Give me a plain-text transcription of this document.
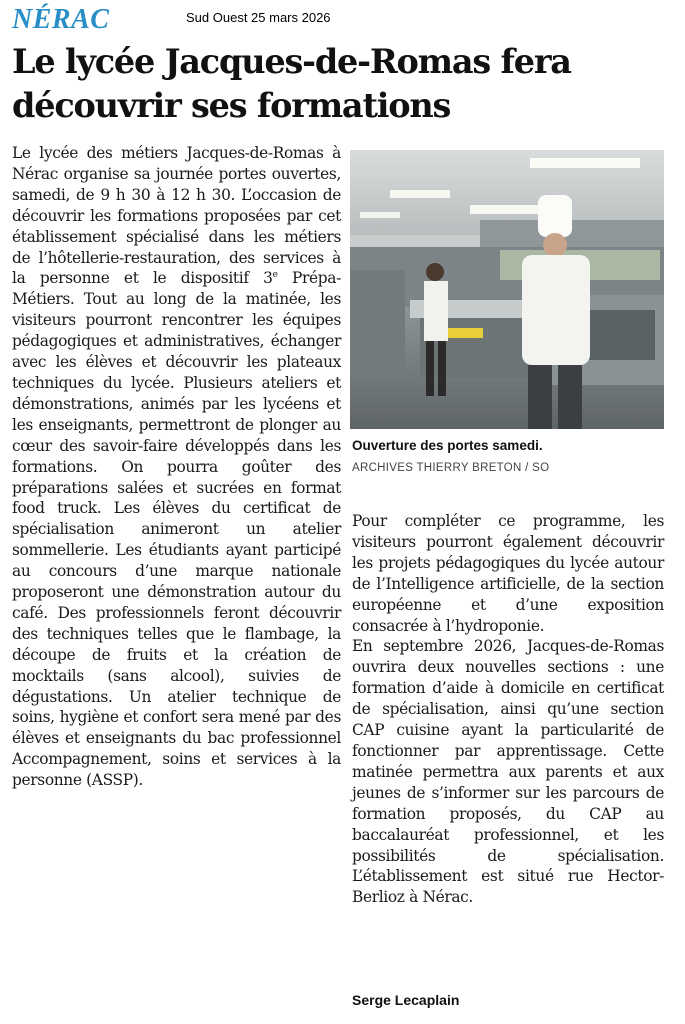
NÉRAC	Sud Ouest 25 mars 2026
Le lycée Jacques-de-Romas fera découvrir ses formations

Le lycée des métiers Jacques-de-Romas à Nérac organise sa journée portes ouvertes, samedi, de 9 h 30 à 12 h 30. L’occasion de découvrir les formations proposées par cet établissement spécialisé dans les métiers de l’hôtellerie-restauration, des services à la personne et le dispositif 3e Prépa-Métiers. Tout au long de la matinée, les visiteurs pourront rencontrer les équipes pédagogiques et administratives, échanger avec les élèves et découvrir les plateaux techniques du lycée. Plusieurs ateliers et démonstrations, animés par les lycéens et les enseignants, permettront de plonger au cœur des savoir-faire développés dans les formations. On pourra goûter des préparations salées et sucrées en format food truck. Les élèves du certificat de spécialisation animeront un atelier sommellerie. Les étudiants ayant participé au concours d’une marque nationale proposeront une démonstration autour du café. Des professionnels feront découvrir des techniques telles que le flambage, la découpe de fruits et la création de mocktails (sans alcool), suivies de dégustations. Un atelier technique de soins, hygiène et confort sera mené par des élèves et enseignants du bac professionnel Accompagnement, soins et services à la personne (ASSP).

Ouverture des portes samedi.
ARCHIVES THIERRY BRETON / SO

Pour compléter ce programme, les visiteurs pourront également découvrir les projets pédagogiques du lycée autour de l’Intelligence artificielle, de la section européenne et d’une exposition consacrée à l’hydroponie.

En septembre 2026, Jacques-de-Romas ouvrira deux nouvelles sections : une formation d’aide à domicile en certificat de spécialisation, ainsi qu’une section CAP cuisine ayant la particularité de fonctionner par apprentissage. Cette matinée permettra aux parents et aux jeunes de s’informer sur les parcours de formation proposés, du CAP au baccalauréat professionnel, et les possibilités de spécialisation. L’établissement est situé rue Hector-Berlioz à Nérac.

Serge Lecaplain
